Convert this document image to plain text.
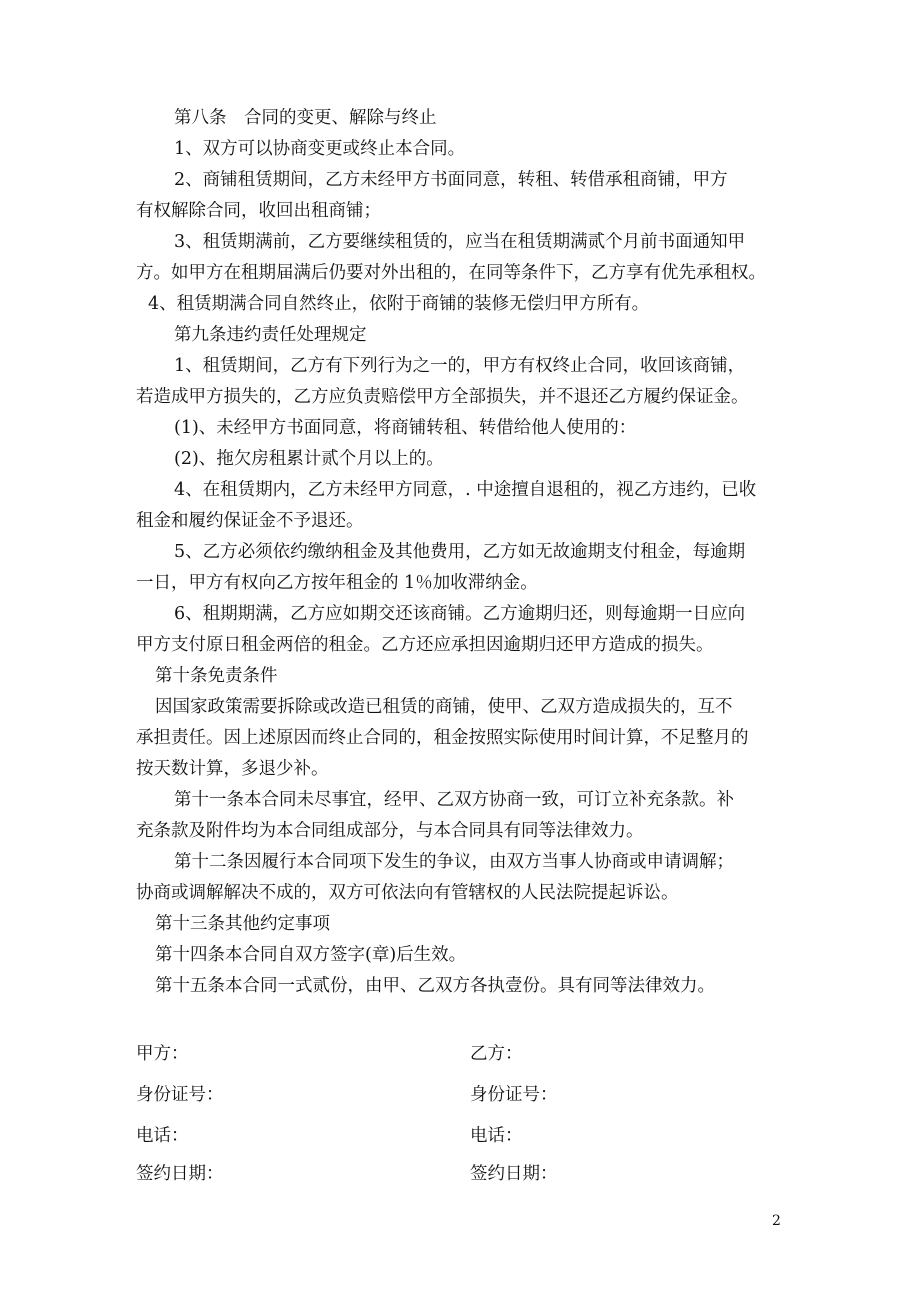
第八条　合同的变更、解除与终止
1、双方可以协商变更或终止本合同。
2、商铺租赁期间，乙方未经甲方书面同意，转租、转借承租商铺，甲方
有权解除合同，收回出租商铺；
3、租赁期满前，乙方要继续租赁的，应当在租赁期满贰个月前书面通知甲
方。如甲方在租期届满后仍要对外出租的，在同等条件下，乙方享有优先承租权。
4、租赁期满合同自然终止，依附于商铺的装修无偿归甲方所有。
第九条违约责任处理规定
1、租赁期间，乙方有下列行为之一的，甲方有权终止合同，收回该商铺，
若造成甲方损失的，乙方应负责赔偿甲方全部损失，并不退还乙方履约保证金。
(1)、未经甲方书面同意，将商铺转租、转借给他人使用的：
(2)、拖欠房租累计贰个月以上的。
4、在租赁期内，乙方未经甲方同意，. 中途擅自退租的，视乙方违约，已收
租金和履约保证金不予退还。
5、乙方必须依约缴纳租金及其他费用，乙方如无故逾期支付租金，每逾期
一日，甲方有权向乙方按年租金的 1％加收滞纳金。
6、租期期满，乙方应如期交还该商铺。乙方逾期归还，则每逾期一日应向
甲方支付原日租金两倍的租金。乙方还应承担因逾期归还甲方造成的损失。
第十条免责条件
因国家政策需要拆除或改造已租赁的商铺，使甲、乙双方造成损失的，互不
承担责任。因上述原因而终止合同的，租金按照实际使用时间计算，不足整月的
按天数计算，多退少补。
第十一条本合同未尽事宜，经甲、乙双方协商一致，可订立补充条款。补
充条款及附件均为本合同组成部分，与本合同具有同等法律效力。
第十二条因履行本合同项下发生的争议，由双方当事人协商或申请调解；
协商或调解解决不成的，双方可依法向有管辖权的人民法院提起诉讼。
第十三条其他约定事项
第十四条本合同自双方签字(章)后生效。
第十五条本合同一式贰份，由甲、乙双方各执壹份。具有同等法律效力。
甲方：	乙方：
身份证号：	身份证号：
电话：	电话：
签约日期：	签约日期：
2
